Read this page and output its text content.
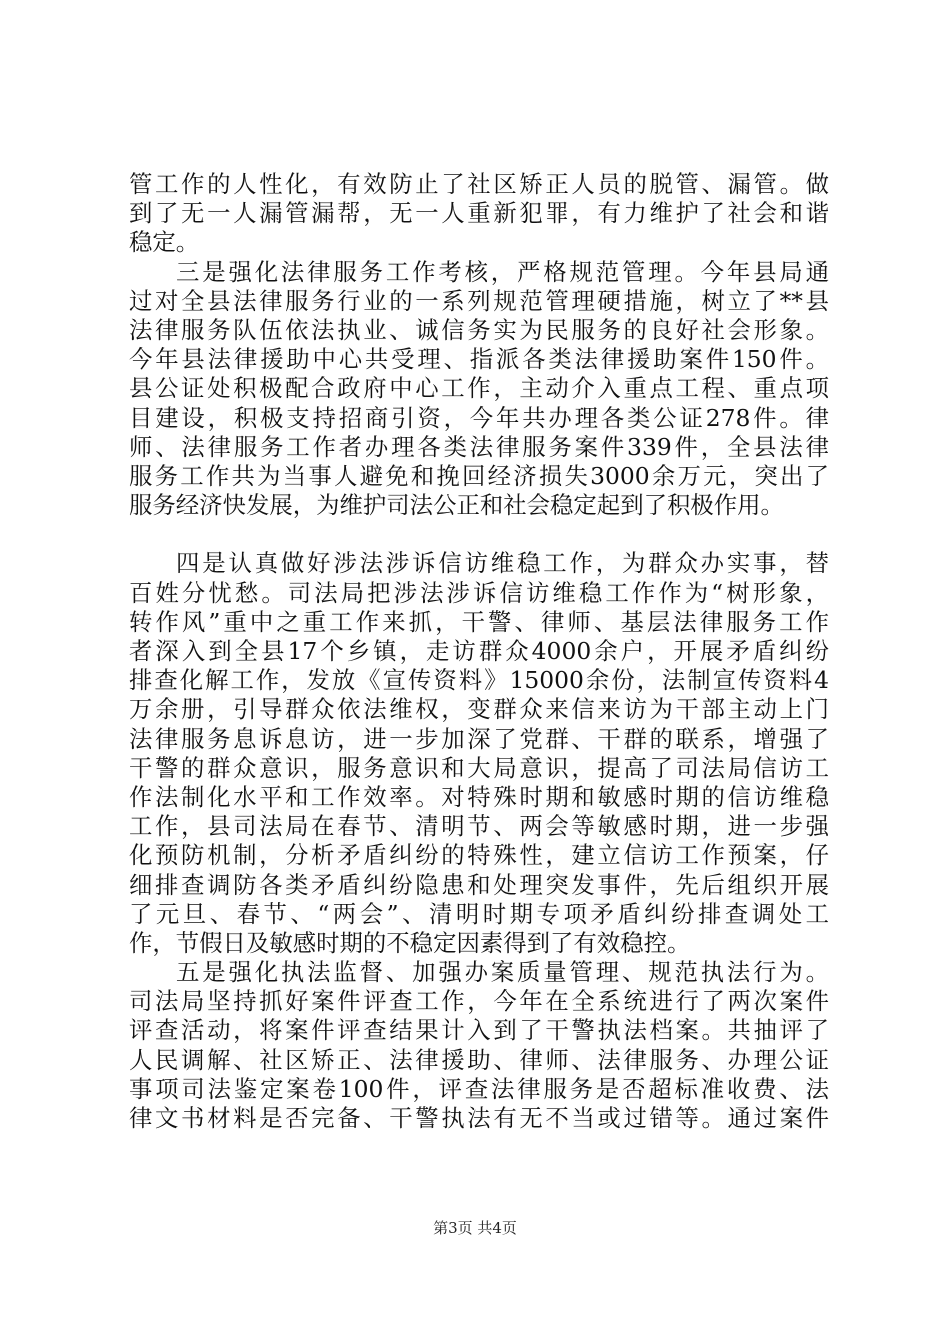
管工作的人性化，有效防止了社区矫正人员的脱管、漏管。做
到了无一人漏管漏帮，无一人重新犯罪，有力维护了社会和谐
稳定。
三是强化法律服务工作考核，严格规范管理。今年县局通
过对全县法律服务行业的一系列规范管理硬措施，树立了**县
法律服务队伍依法执业、诚信务实为民服务的良好社会形象。
今年县法律援助中心共受理、指派各类法律援助案件150件。
县公证处积极配合政府中心工作，主动介入重点工程、重点项
目建设，积极支持招商引资，今年共办理各类公证278件。律
师、法律服务工作者办理各类法律服务案件339件，全县法律
服务工作共为当事人避免和挽回经济损失3000余万元，突出了
服务经济快发展，为维护司法公正和社会稳定起到了积极作用。
四是认真做好涉法涉诉信访维稳工作，为群众办实事，替
百姓分忧愁。司法局把涉法涉诉信访维稳工作作为“树形象，
转作风”重中之重工作来抓，干警、律师、基层法律服务工作
者深入到全县17个乡镇，走访群众4000余户，开展矛盾纠纷
排查化解工作，发放《宣传资料》15000余份，法制宣传资料4
万余册，引导群众依法维权，变群众来信来访为干部主动上门
法律服务息诉息访，进一步加深了党群、干群的联系，增强了
干警的群众意识，服务意识和大局意识，提高了司法局信访工
作法制化水平和工作效率。对特殊时期和敏感时期的信访维稳
工作，县司法局在春节、清明节、两会等敏感时期，进一步强
化预防机制，分析矛盾纠纷的特殊性，建立信访工作预案，仔
细排查调防各类矛盾纠纷隐患和处理突发事件，先后组织开展
了元旦、春节、“两会”、清明时期专项矛盾纠纷排查调处工
作，节假日及敏感时期的不稳定因素得到了有效稳控。
五是强化执法监督、加强办案质量管理、规范执法行为。
司法局坚持抓好案件评查工作，今年在全系统进行了两次案件
评查活动，将案件评查结果计入到了干警执法档案。共抽评了
人民调解、社区矫正、法律援助、律师、法律服务、办理公证
事项司法鉴定案卷100件，评查法律服务是否超标准收费、法
律文书材料是否完备、干警执法有无不当或过错等。通过案件
第3页 共4页
